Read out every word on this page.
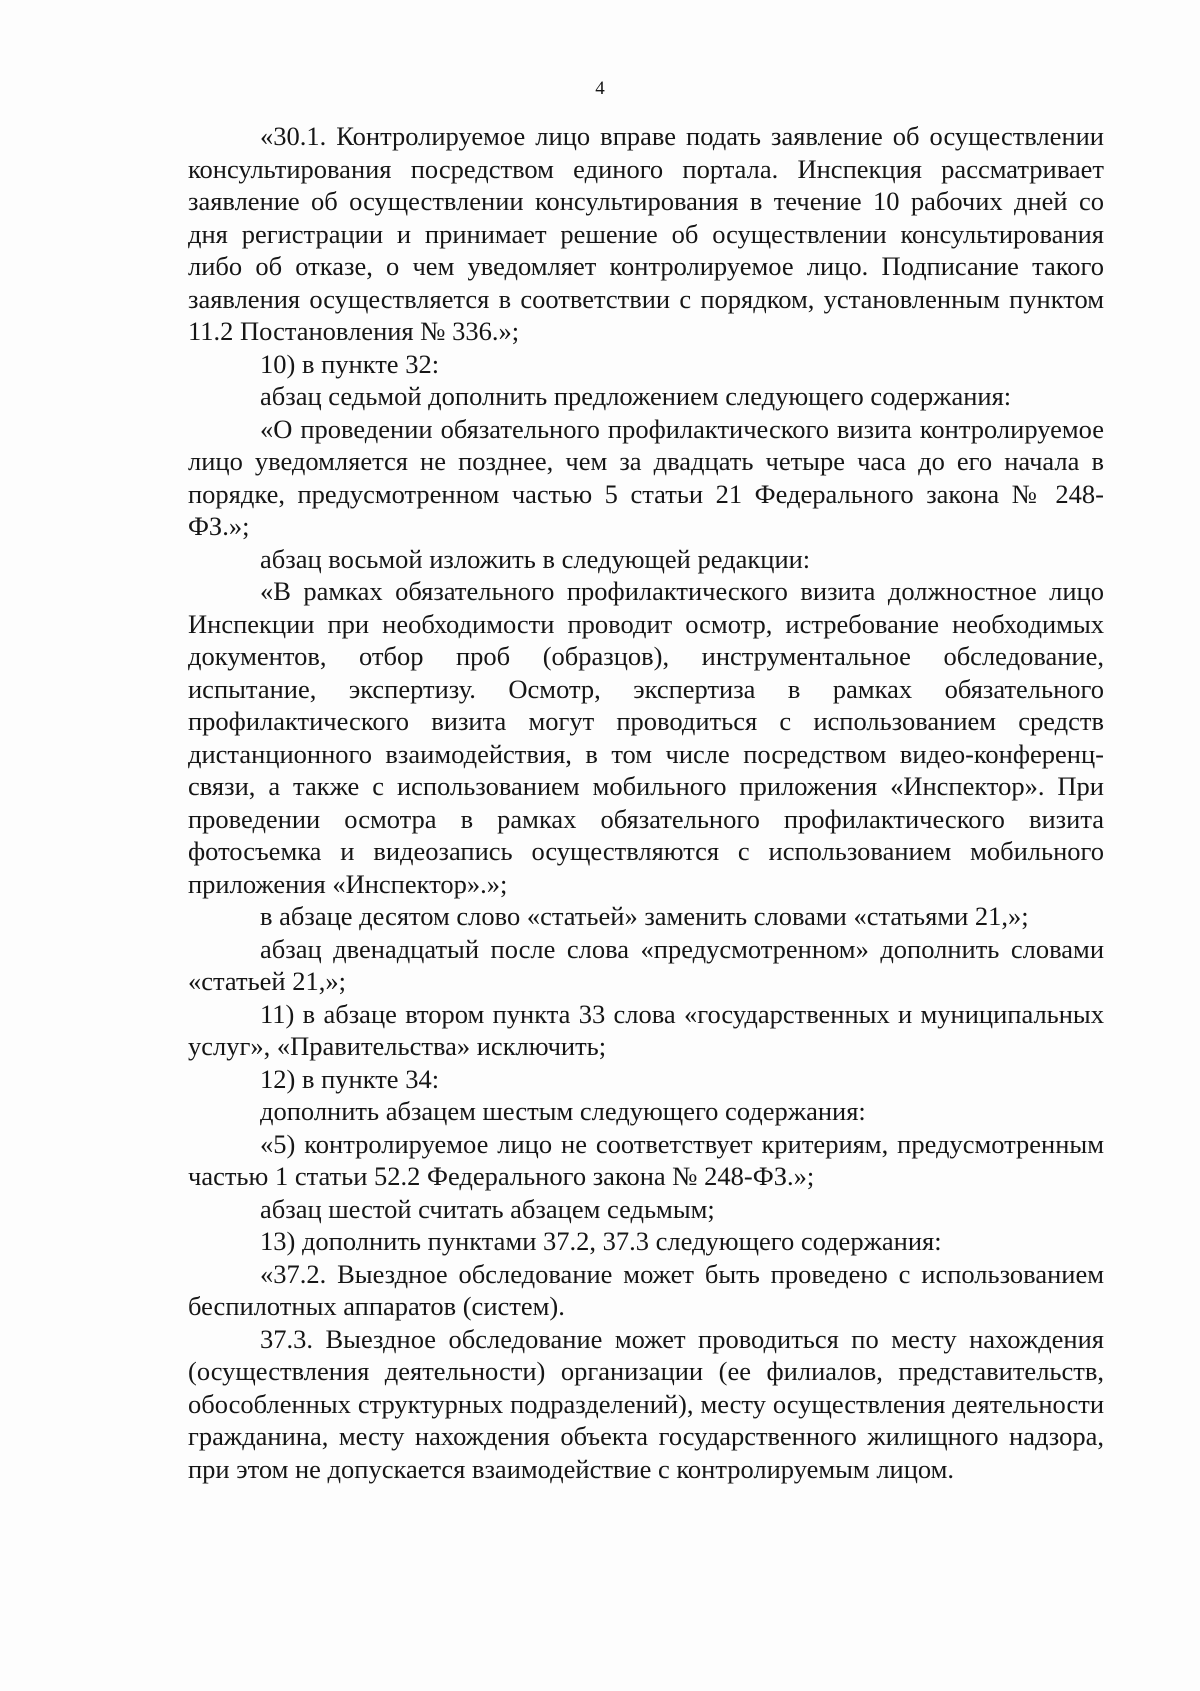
4

«30.1. Контролируемое лицо вправе подать заявление об осуществлении консультирования посредством единого портала. Инспекция рассматривает заявление об осуществлении консультирования в течение 10 рабочих дней со дня регистрации и принимает решение об осуществлении консультирования либо об отказе, о чем уведомляет контролируемое лицо. Подписание такого заявления осуществляется в соответствии с порядком, установленным пунктом 11.2 Постановления № 336.»;

10) в пункте 32:

абзац седьмой дополнить предложением следующего содержания:

«О проведении обязательного профилактического визита контролируемое лицо уведомляется не позднее, чем за двадцать четыре часа до его начала в порядке, предусмотренном частью 5 статьи 21 Федерального закона № 248-ФЗ.»;

абзац восьмой изложить в следующей редакции:

«В рамках обязательного профилактического визита должностное лицо Инспекции при необходимости проводит осмотр, истребование необходимых документов, отбор проб (образцов), инструментальное обследование, испытание, экспертизу. Осмотр, экспертиза в рамках обязательного профилактического визита могут проводиться с использованием средств дистанционного взаимодействия, в том числе посредством видео-конференц-связи, а также с использованием мобильного приложения «Инспектор». При проведении осмотра в рамках обязательного профилактического визита фотосъемка и видеозапись осуществляются с использованием мобильного приложения «Инспектор».»;

в абзаце десятом слово «статьей» заменить словами «статьями 21,»;

абзац двенадцатый после слова «предусмотренном» дополнить словами «статьей 21,»;

11) в абзаце втором пункта 33 слова «государственных и муниципальных услуг», «Правительства» исключить;

12) в пункте 34:

дополнить абзацем шестым следующего содержания:

«5) контролируемое лицо не соответствует критериям, предусмотренным частью 1 статьи 52.2 Федерального закона № 248-ФЗ.»;

абзац шестой считать абзацем седьмым;

13) дополнить пунктами 37.2, 37.3 следующего содержания:

«37.2. Выездное обследование может быть проведено с использованием беспилотных аппаратов (систем).

37.3. Выездное обследование может проводиться по месту нахождения (осуществления деятельности) организации (ее филиалов, представительств, обособленных структурных подразделений), месту осуществления деятельности гражданина, месту нахождения объекта государственного жилищного надзора, при этом не допускается взаимодействие с контролируемым лицом.
